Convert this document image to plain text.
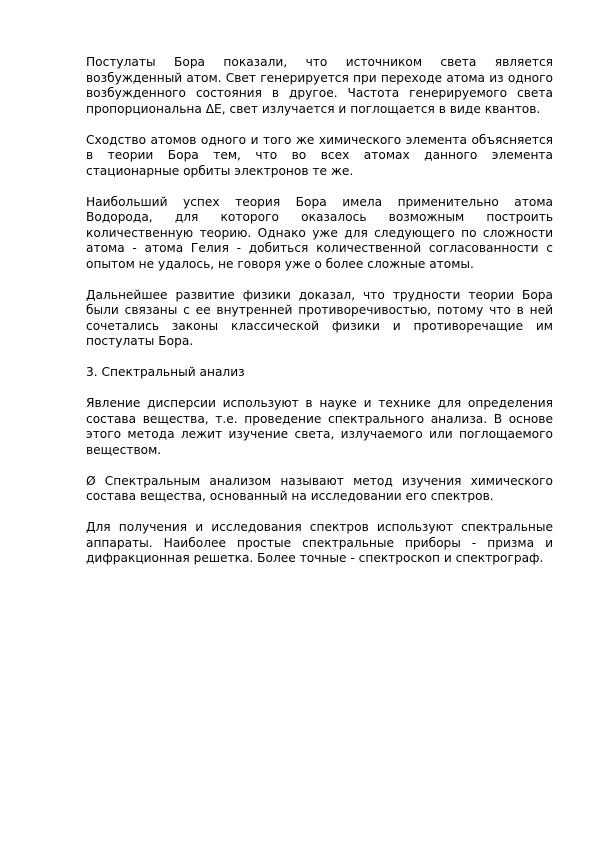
Постулаты Бора показали, что источником света является возбужденный атом. Свет генерируется при переходе атома из одного возбужденного состояния в другое. Частота генерируемого света пропорциональна ΔЕ, свет излучается и поглощается в виде квантов.

Сходство атомов одного и того же химического элемента объясняется в теории Бора тем, что во всех атомах данного элемента стационарные орбиты электронов те же.

Наибольший успех теория Бора имела применительно атома Водорода, для которого оказалось возможным построить количественную теорию. Однако уже для следующего по сложности атома - атома Гелия - добиться количественной согласованности с опытом не удалось, не говоря уже о более сложные атомы.

Дальнейшее развитие физики доказал, что трудности теории Бора были связаны с ее внутренней противоречивостью, потому что в ней сочетались законы классической физики и противоречащие им постулаты Бора.

3. Спектральный анализ

Явление дисперсии используют в науке и технике для определения состава вещества, т.е. проведение спектрального анализа. В основе этого метода лежит изучение света, излучаемого или поглощаемого веществом.

Ø Спектральным анализом называют метод изучения химического состава вещества, основанный на исследовании его спектров.

Для получения и исследования спектров используют спектральные аппараты. Наиболее простые спектральные приборы - призма и дифракционная решетка. Более точные - спектроскоп и спектрограф.
